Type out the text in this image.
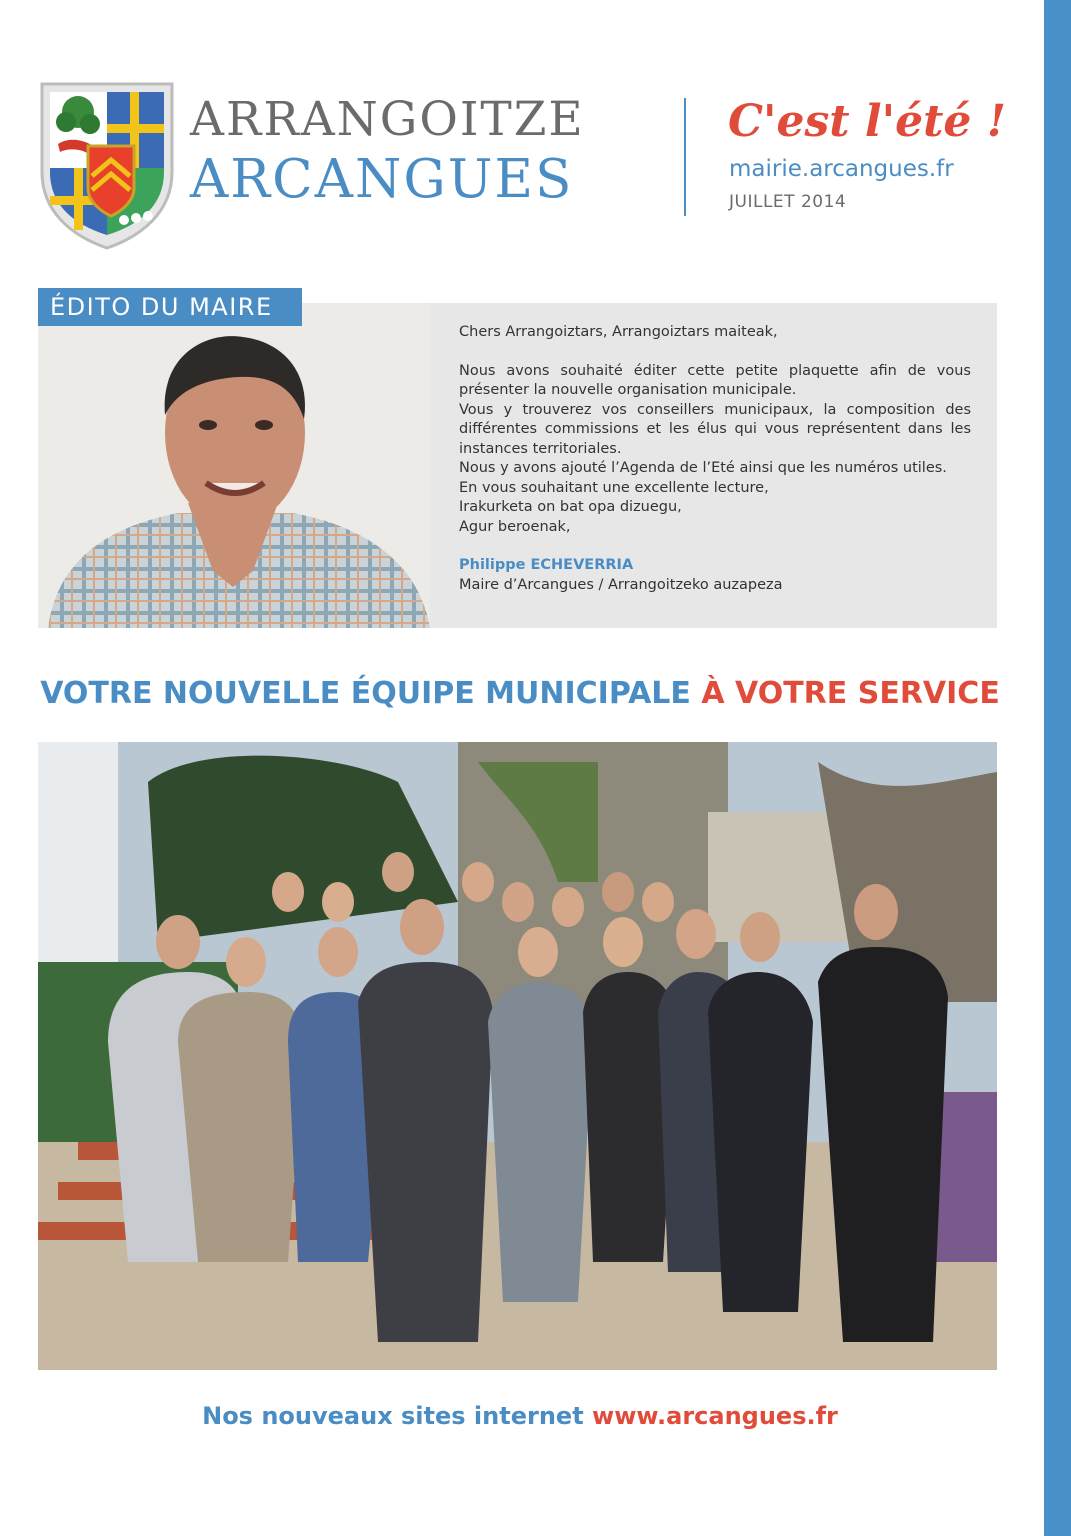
ARRANGOITZE
ARCANGUES
C'est l'été !
mairie.arcangues.fr
JUILLET 2014
ÉDITO DU MAIRE

Chers Arrangoiztars, Arrangoiztars maiteak,

Nous avons souhaité éditer cette petite plaquette afin de vous présenter la nouvelle organisation municipale.

Vous y trouverez vos conseillers municipaux, la composition des différentes commissions et les élus qui vous représentent dans les instances territoriales.

Nous y avons ajouté l’Agenda de l’Eté ainsi que les numéros utiles.

En vous souhaitant une excellente lecture,

Irakurketa on bat opa dizuegu,

Agur beroenak,

Philippe ECHEVERRIA

Maire d’Arcangues / Arrangoitzeko auzapeza

VOTRE NOUVELLE ÉQUIPE MUNICIPALE À VOTRE SERVICE
Nos nouveaux sites internet www.arcangues.fr
